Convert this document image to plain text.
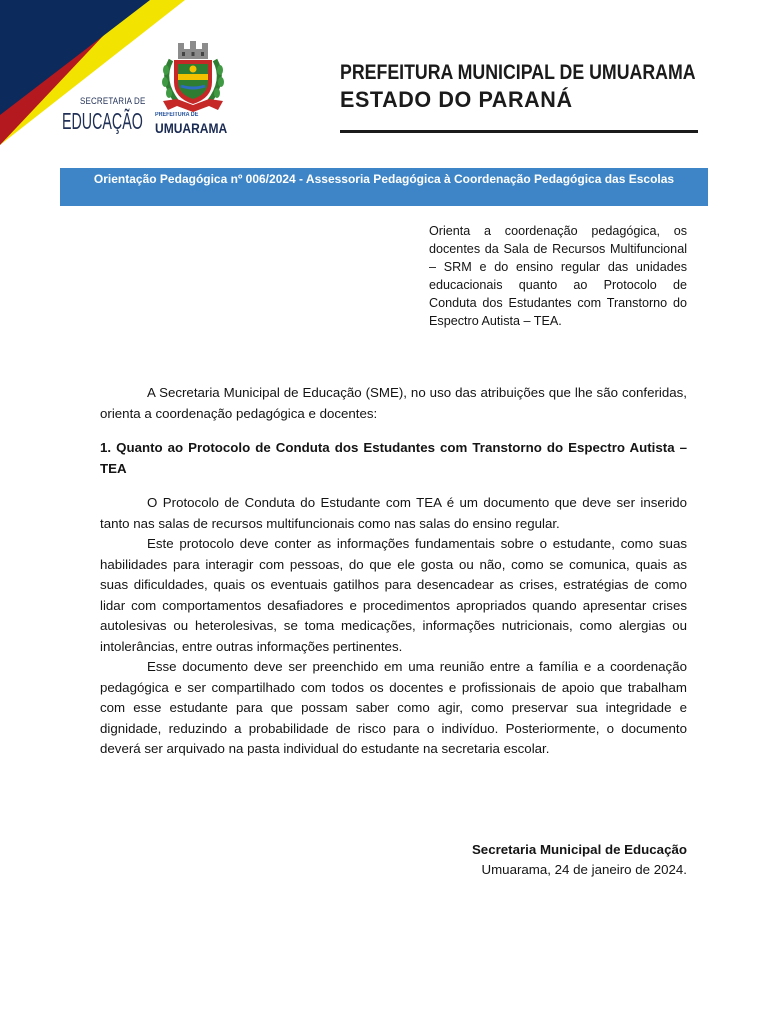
SECRETARIA DE
EDUCAÇÃO PREFEITURA DE
UMUARAMA
PREFEITURA MUNICIPAL DE UMUARAMA
ESTADO DO PARANÁ
Orientação Pedagógica nº 006/2024 - Assessoria Pedagógica à Coordenação Pedagógica das Escolas
Orienta a coordenação pedagógica, os docentes da Sala de Recursos Multifuncional – SRM e do ensino regular das unidades educacionais quanto ao Protocolo de Conduta dos Estudantes com Transtorno do Espectro Autista – TEA.

A Secretaria Municipal de Educação (SME), no uso das atribuições que lhe são conferidas, orienta a coordenação pedagógica e docentes:

1. Quanto ao Protocolo de Conduta dos Estudantes com Transtorno do Espectro Autista – TEA

O Protocolo de Conduta do Estudante com TEA é um documento que deve ser inserido tanto nas salas de recursos multifuncionais como nas salas do ensino regular.

Este protocolo deve conter as informações fundamentais sobre o estudante, como suas habilidades para interagir com pessoas, do que ele gosta ou não, como se comunica, quais as suas dificuldades, quais os eventuais gatilhos para desencadear as crises, estratégias de como lidar com comportamentos desafiadores e procedimentos apropriados quando apresentar crises autolesivas ou heterolesivas, se toma medicações, informações nutricionais, como alergias ou intolerâncias, entre outras informações pertinentes.

Esse documento deve ser preenchido em uma reunião entre a família e a coordenação pedagógica e ser compartilhado com todos os docentes e profissionais de apoio que trabalham com esse estudante para que possam saber como agir, como preservar sua integridade e dignidade, reduzindo a probabilidade de risco para o indivíduo. Posteriormente, o documento deverá ser arquivado na pasta individual do estudante na secretaria escolar.

Secretaria Municipal de Educação
Umuarama, 24 de janeiro de 2024.
